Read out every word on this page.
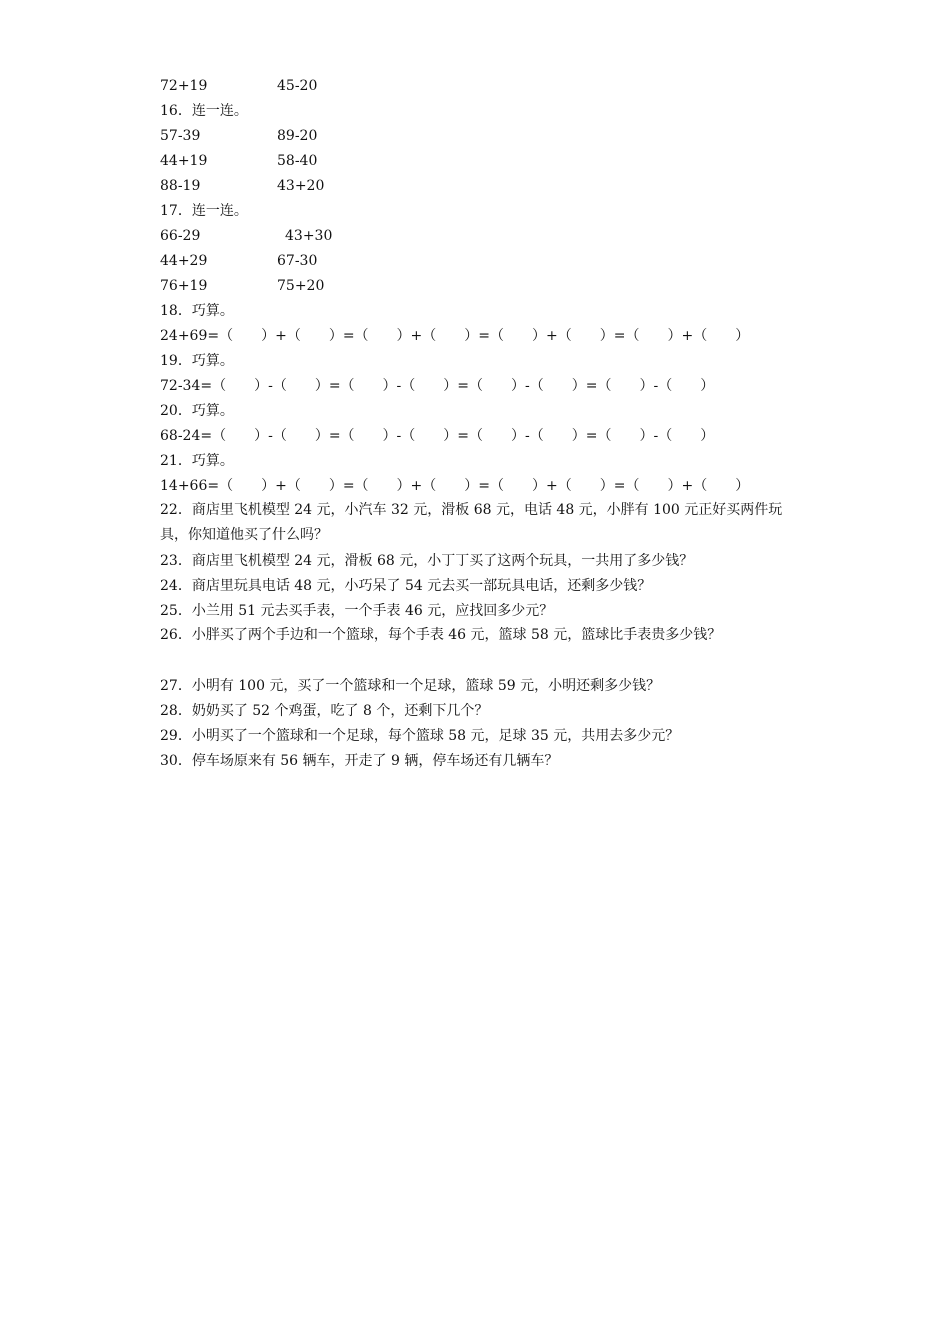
72+19	45-20
16．连一连。
57-39	89-20
44+19	58-40
88-19	43+20
17．连一连。
66-29	43+30
44+29	67-30
76+19	75+20
18．巧算。
24+69=（　　）+（　　）=（　　）+（　　）=（　　）+（　　）=（　　）+（　　）
19．巧算。
72-34=（　　）-（　　）=（　　）-（　　）=（　　）-（　　）=（　　）-（　　）
20．巧算。
68-24=（　　）-（　　）=（　　）-（　　）=（　　）-（　　）=（　　）-（　　）
21．巧算。
14+66=（　　）+（　　）=（　　）+（　　）=（　　）+（　　）=（　　）+（　　）
22．商店里飞机模型 24 元，小汽车 32 元，滑板 68 元，电话 48 元，小胖有 100 元正好买两件玩具，你知道他买了什么吗？
23．商店里飞机模型 24 元，滑板 68 元，小丁丁买了这两个玩具，一共用了多少钱？
24．商店里玩具电话 48 元，小巧呆了 54 元去买一部玩具电话，还剩多少钱？
25．小兰用 51 元去买手表，一个手表 46 元，应找回多少元？
26．小胖买了两个手边和一个篮球，每个手表 46 元，篮球 58 元，篮球比手表贵多少钱？
27．小明有 100 元，买了一个篮球和一个足球，篮球 59 元，小明还剩多少钱？
28．奶奶买了 52 个鸡蛋，吃了 8 个，还剩下几个？
29．小明买了一个篮球和一个足球，每个篮球 58 元，足球 35 元，共用去多少元？
30．停车场原来有 56 辆车，开走了 9 辆，停车场还有几辆车？
